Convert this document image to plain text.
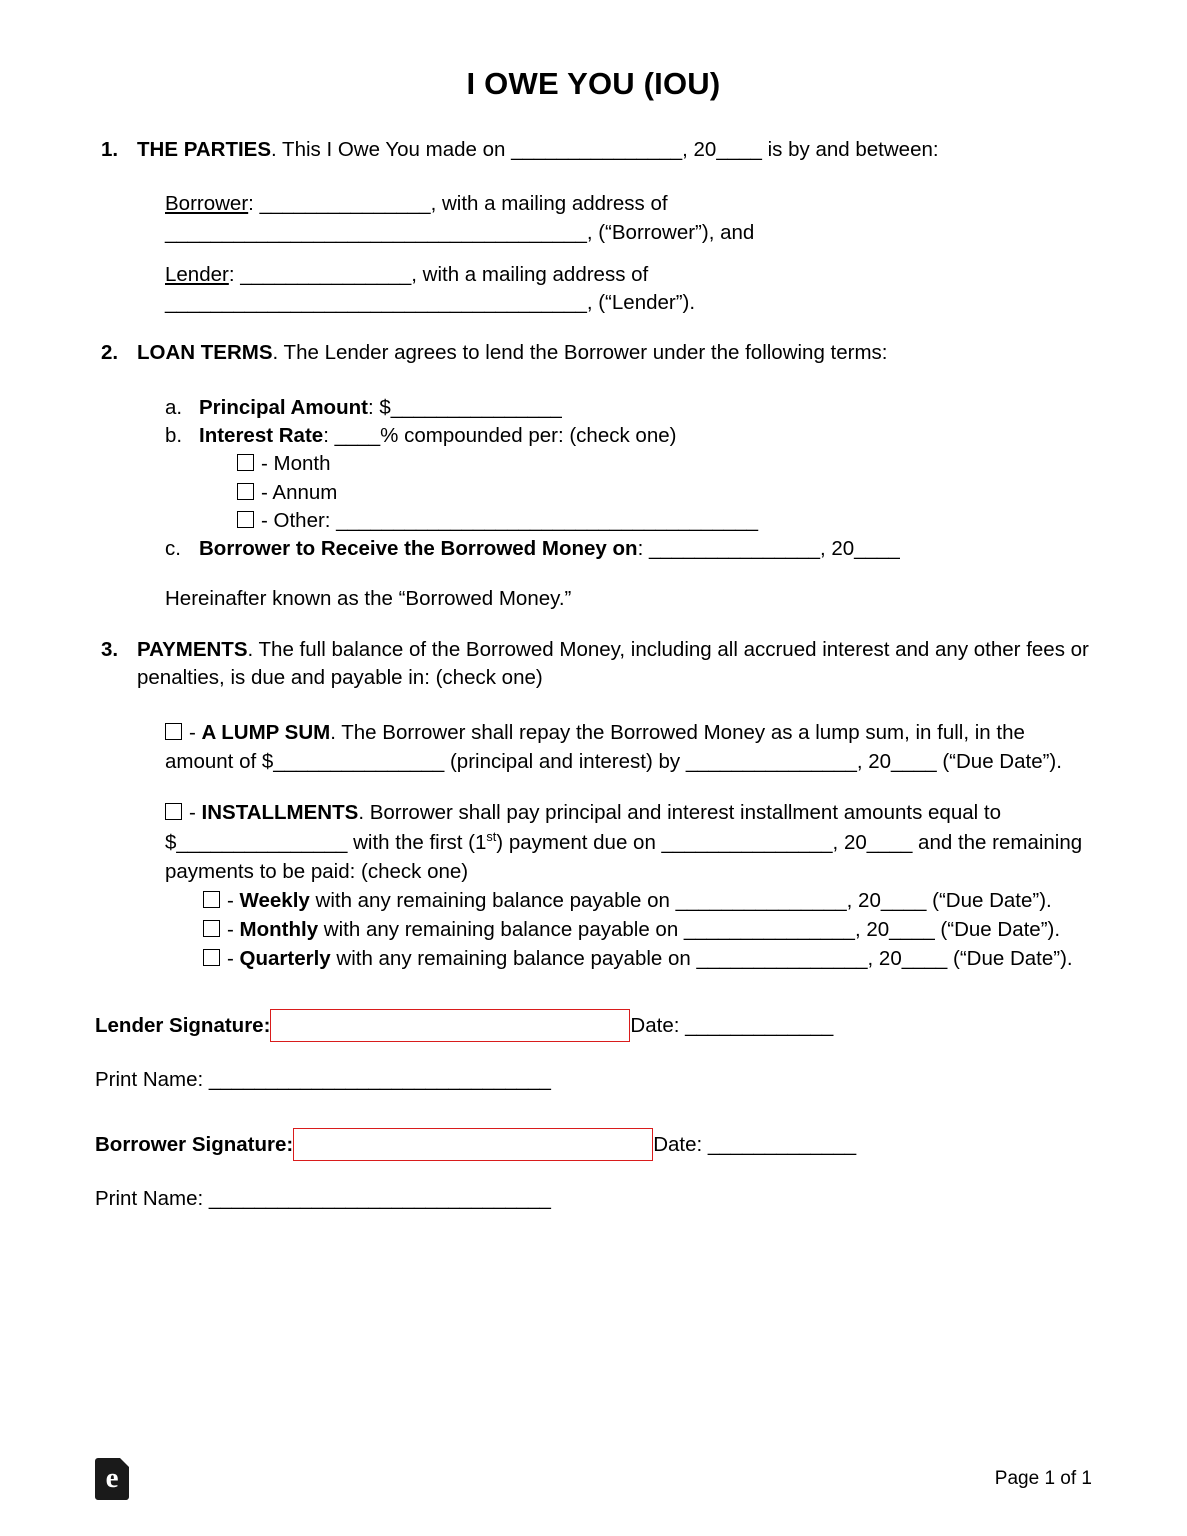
I OWE YOU (IOU)
1. THE PARTIES. This I Owe You made on _______________, 20____ is by and between:
Borrower: _______________, with a mailing address of
_____________________________________, (“Borrower”), and
Lender: _______________, with a mailing address of
_____________________________________, (“Lender”).
2. LOAN TERMS. The Lender agrees to lend the Borrower under the following terms:
a. Principal Amount: $_______________
b. Interest Rate: ____% compounded per: (check one)
- Month
- Annum
- Other: _____________________________________
c. Borrower to Receive the Borrowed Money on: _______________, 20____
Hereinafter known as the “Borrowed Money.”
3. PAYMENTS. The full balance of the Borrowed Money, including all accrued interest and any other fees or penalties, is due and payable in: (check one)
- A LUMP SUM. The Borrower shall repay the Borrowed Money as a lump sum, in full, in the amount of $_______________ (principal and interest) by _______________, 20____ (“Due Date”).
- INSTALLMENTS. Borrower shall pay principal and interest installment amounts equal to $_______________ with the first (1st) payment due on _______________, 20____ and the remaining payments to be paid: (check one)
- Weekly with any remaining balance payable on _______________, 20____ (“Due Date”).
- Monthly with any remaining balance payable on _______________, 20____ (“Due Date”).
- Quarterly with any remaining balance payable on _______________, 20____ (“Due Date”).
Lender Signature:	Date: _____________
Print Name: ______________________________
Borrower Signature:	Date: _____________
Print Name: ______________________________
e
Page 1 of 1
